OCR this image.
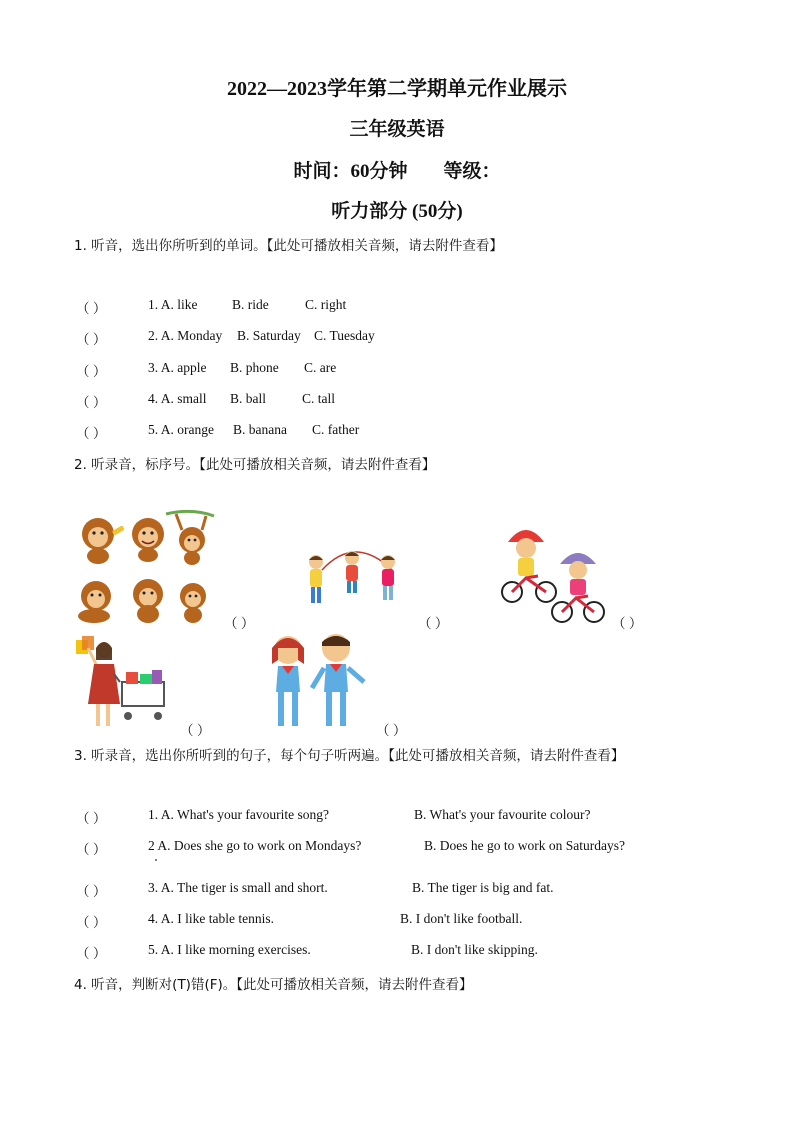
2022—2023学年第二学期单元作业展示
三年级英语
时间：60分钟 等级：
听力部分 (50分)
1. 听音，选出你所听到的单词。【此处可播放相关音频，请去附件查看】
（ ）	1. A. like	B. ride	C. right
（ ）	2. A. Monday B. Saturday C. Tuesday
（ ）	3. A. apple B. phone C. are
（ ）	4. A. small B. ball	C. tall
（ ）	5. A. orange B. banana C. father
2. 听录音，标序号。【此处可播放相关音频，请去附件查看】
（ ）	（ ）	（ ）
（ ）	（ ）
3. 听录音，选出你所听到的句子，每个句子听两遍。【此处可播放相关音频，请去附件查看】
（ ）	1. A. What's your favourite song?	B. What's your favourite colour?
（ ）	2 A. Does she go to work on Mondays?	B. Does he go to work on Saturdays?
（ ）	3. A. The tiger is small and short.	B. The tiger is big and fat.
（ ）	4. A. I like table tennis.	B. I don't like football.
（ ）	5. A. I like morning exercises.	B. I don't like skipping.
4. 听音，判断对(T)错(F)。【此处可播放相关音频，请去附件查看】
